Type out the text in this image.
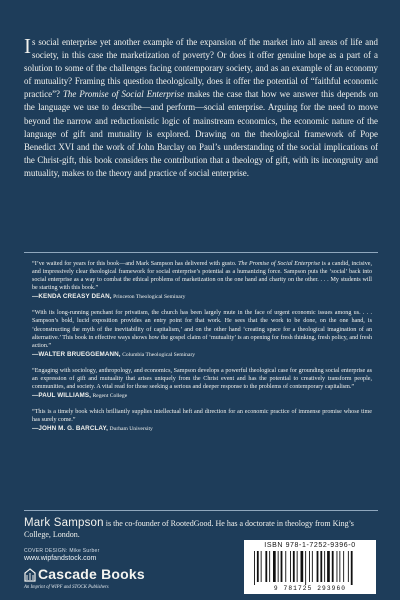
Is social enterprise yet another example of the expansion of the market into all areas of life and society, in this case the marketization of poverty? Or does it offer genuine hope as a part of a solution to some of the challenges facing contemporary society, and as an example of an economy of mutuality? Framing this question theologically, does it offer the potential of “faithful economic practice”? The Promise of Social Enterprise makes the case that how we answer this depends on the language we use to describe—and perform—social enterprise. Arguing for the need to move beyond the narrow and reductionistic logic of mainstream economics, the economic nature of the language of gift and mutuality is explored. Drawing on the theological framework of Pope Benedict XVI and the work of John Barclay on Paul’s understanding of the social implications of the Christ-gift, this book considers the contribution that a theology of gift, with its incongruity and mutuality, makes to the theory and practice of social enterprise.

“I’ve waited for years for this book—and Mark Sampson has delivered with gusto. The Promise of Social Enterprise is a candid, incisive, and impressively clear theological framework for social enterprise’s potential as a humanizing force. Sampson puts the ‘social’ back into social enterprise as a way to combat the ethical problems of marketization on the one hand and charity on the other. . . . My students will be starting with this book.”

—KENDA CREASY DEAN, Princeton Theological Seminary

“With its long-running penchant for privatism, the church has been largely mute in the face of urgent economic issues among us. . . . Sampson’s bold, lucid exposition provides an entry point for that work. He sees that the work to be done, on the one hand, is ‘deconstructing the myth of the inevitability of capitalism,’ and on the other hand ‘creating space for a theological imagination of an alternative.’ This book in effective ways shows how the gospel claim of ‘mutuality’ is an opening for fresh thinking, fresh policy, and fresh action.”

—WALTER BRUEGGEMANN, Columbia Theological Seminary

“Engaging with sociology, anthropology, and economics, Sampson develops a powerful theological case for grounding social enterprise as an expression of gift and mutuality that arises uniquely from the Christ event and has the potential to creatively transform people, communities, and society. A vital read for those seeking a serious and deeper response to the problems of contemporary capitalism.”

—PAUL WILLIAMS, Regent College

“This is a timely book which brilliantly supplies intellectual heft and direction for an economic practice of immense promise whose time has surely come.”

—JOHN M. G. BARCLAY, Durham University

Mark Sampson is the co-founder of RootedGood. He has a doctorate in theology from King’s College, London.

COVER DESIGN: Mike Surber
www.wipfandstock.com
Cascade Books
An Imprint of WIPF and STOCK Publishers
ISBN 978-1-7252-9396-0
9 781725 293960
